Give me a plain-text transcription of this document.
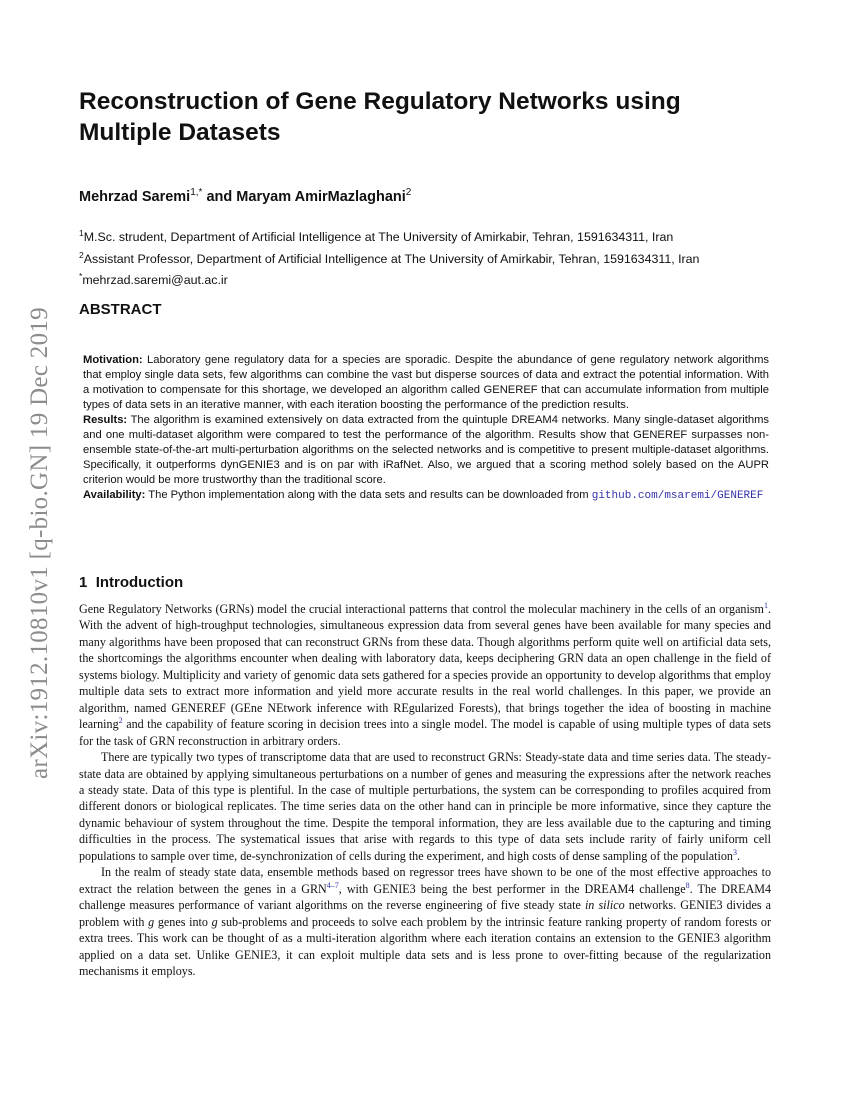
arXiv:1912.10810v1 [q-bio.GN] 19 Dec 2019
Reconstruction of Gene Regulatory Networks using Multiple Datasets
Mehrzad Saremi$^{1,*}$ and Maryam AmirMazlaghani$^2$
$^1$M.Sc. strudent, Department of Artificial Intelligence at The University of Amirkabir, Tehran, 1591634311, Iran
$^2$Assistant Professor, Department of Artificial Intelligence at The University of Amirkabir, Tehran, 1591634311, Iran
*mehrzad.saremi@aut.ac.ir
ABSTRACT

Motivation: Laboratory gene regulatory data for a species are sporadic. Despite the abundance of gene regulatory network algorithms that employ single data sets, few algorithms can combine the vast but disperse sources of data and extract the potential information. With a motivation to compensate for this shortage, we developed an algorithm called GENEREF that can accumulate information from multiple types of data sets in an iterative manner, with each iteration boosting the performance of the prediction results.

Results: The algorithm is examined extensively on data extracted from the quintuple DREAM4 networks. Many single-dataset algorithms and one multi-dataset algorithm were compared to test the performance of the algorithm. Results show that GENEREF surpasses non-ensemble state-of-the-art multi-perturbation algorithms on the selected networks and is competitive to present multiple-dataset algorithms. Specifically, it outperforms dynGENIE3 and is on par with iRafNet. Also, we argued that a scoring method solely based on the AUPR criterion would be more trustworthy than the traditional score.

Availability: The Python implementation along with the data sets and results can be downloaded from github.com/msaremi/GENEREF

1 Introduction

Gene Regulatory Networks (GRNs) model the crucial interactional patterns that control the molecular machinery in the cells of an organism$^1$. With the advent of high-troughput technologies, simultaneous expression data from several genes have been available for many species and many algorithms have been proposed that can reconstruct GRNs from these data. Though algorithms perform quite well on artificial data sets, the shortcomings the algorithms encounter when dealing with laboratory data, keeps deciphering GRN data an open challenge in the field of systems biology. Multiplicity and variety of genomic data sets gathered for a species provide an opportunity to develop algorithms that employ multiple data sets to extract more information and yield more accurate results in the real world challenges. In this paper, we provide an algorithm, named GENEREF (GEne NEtwork inference with REgularized Forests), that brings together the idea of boosting in machine learning$^2$ and the capability of feature scoring in decision trees into a single model. The model is capable of using multiple types of data sets for the task of GRN reconstruction in arbitrary orders.

There are typically two types of transcriptome data that are used to reconstruct GRNs: Steady-state data and time series data. The steady-state data are obtained by applying simultaneous perturbations on a number of genes and measuring the expressions after the network reaches a steady state. Data of this type is plentiful. In the case of multiple perturbations, the system can be corresponding to profiles acquired from different donors or biological replicates. The time series data on the other hand can in principle be more informative, since they capture the dynamic behaviour of system throughout the time. Despite the temporal information, they are less available due to the capturing and timing difficulties in the process. The systematical issues that arise with regards to this type of data sets include rarity of fairly uniform cell populations to sample over time, de-synchronization of cells during the experiment, and high costs of dense sampling of the population$^3$.

In the realm of steady state data, ensemble methods based on regressor trees have shown to be one of the most effective approaches to extract the relation between the genes in a GRN$^{4-7}$, with GENIE3 being the best performer in the DREAM4 challenge$^8$. The DREAM4 challenge measures performance of variant algorithms on the reverse engineering of five steady state in silico networks. GENIE3 divides a problem with g genes into g sub-problems and proceeds to solve each problem by the intrinsic feature ranking property of random forests or extra trees. This work can be thought of as a multi-iteration algorithm where each iteration contains an extension to the GENIE3 algorithm applied on a data set. Unlike GENIE3, it can exploit multiple data sets and is less prone to over-fitting because of the regularization mechanisms it employs.
